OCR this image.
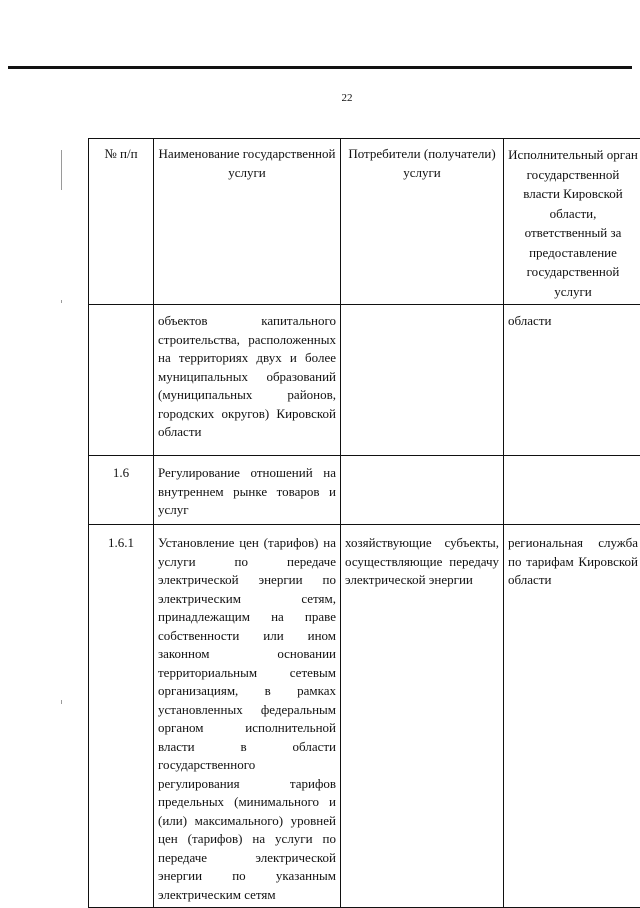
22
№ п/п	Наименование государственной услуги	Потребители (получатели) услуги	Исполнительный орган государственной власти Кировской области, ответственный за предоставление государственной услуги
	объектов капитального строительства, расположенных на территориях двух и более муниципальных образований (муниципальных районов, городских округов) Кировской области		области
1.6	Регулирование отношений на внутреннем рынке товаров и услуг		
1.6.1	Установление цен (тарифов) на услуги по передаче электрической энергии по электрическим сетям, принадлежащим на праве собственности или ином законном основании территориальным сетевым организациям, в рамках установленных федеральным органом исполнительной власти в области государственного регулирования тарифов предельных (минимального и (или) максимального) уровней цен (тарифов) на услуги по передаче электрической энергии по указанным электрическим сетям	хозяйствующие субъекты, осуществляющие передачу электрической энергии	региональная служба по тарифам Кировской области
